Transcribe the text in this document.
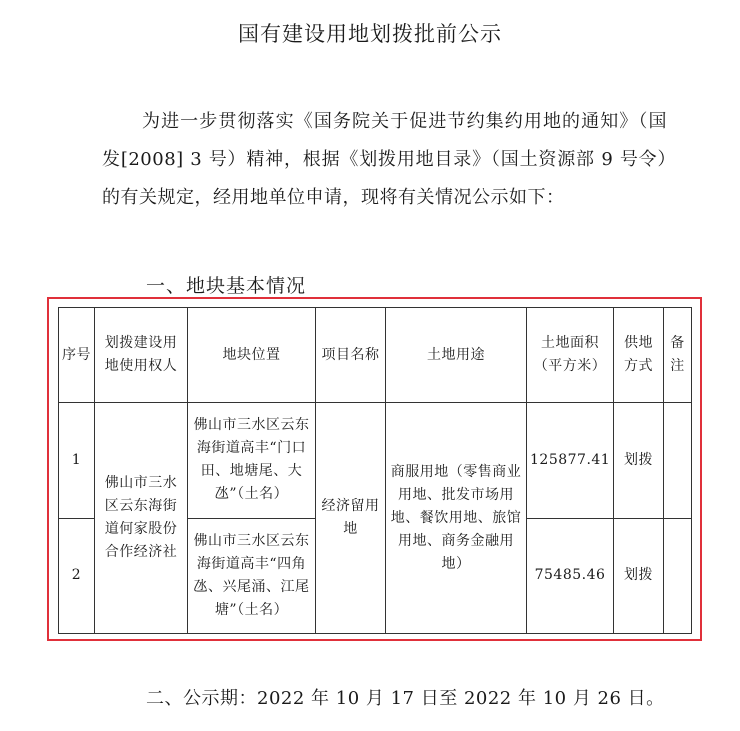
国有建设用地划拨批前公示
为进一步贯彻落实《国务院关于促进节约集约用地的通知》（国发[2008] 3 号）精神，根据《划拨用地目录》（国土资源部 9 号令）的有关规定，经用地单位申请，现将有关情况公示如下：
一、地块基本情况
序号	划拨建设用地使用权人	地块位置	项目名称	土地用途	土地面积（平方米）	供地方式	备注
1	佛山市三水区云东海街道何家股份合作经济社	佛山市三水区云东海街道高丰“门口田、地塘尾、大氹”（土名）	经济留用地	商服用地（零售商业用地、批发市场用地、餐饮用地、旅馆用地、商务金融用地）	125877.41	划拨	
2		佛山市三水区云东海街道高丰“四角氹、兴尾涌、江尾塘”（土名）			75485.46	划拨	
二、公示期：2022 年 10 月 17 日至 2022 年 10 月 26 日。
